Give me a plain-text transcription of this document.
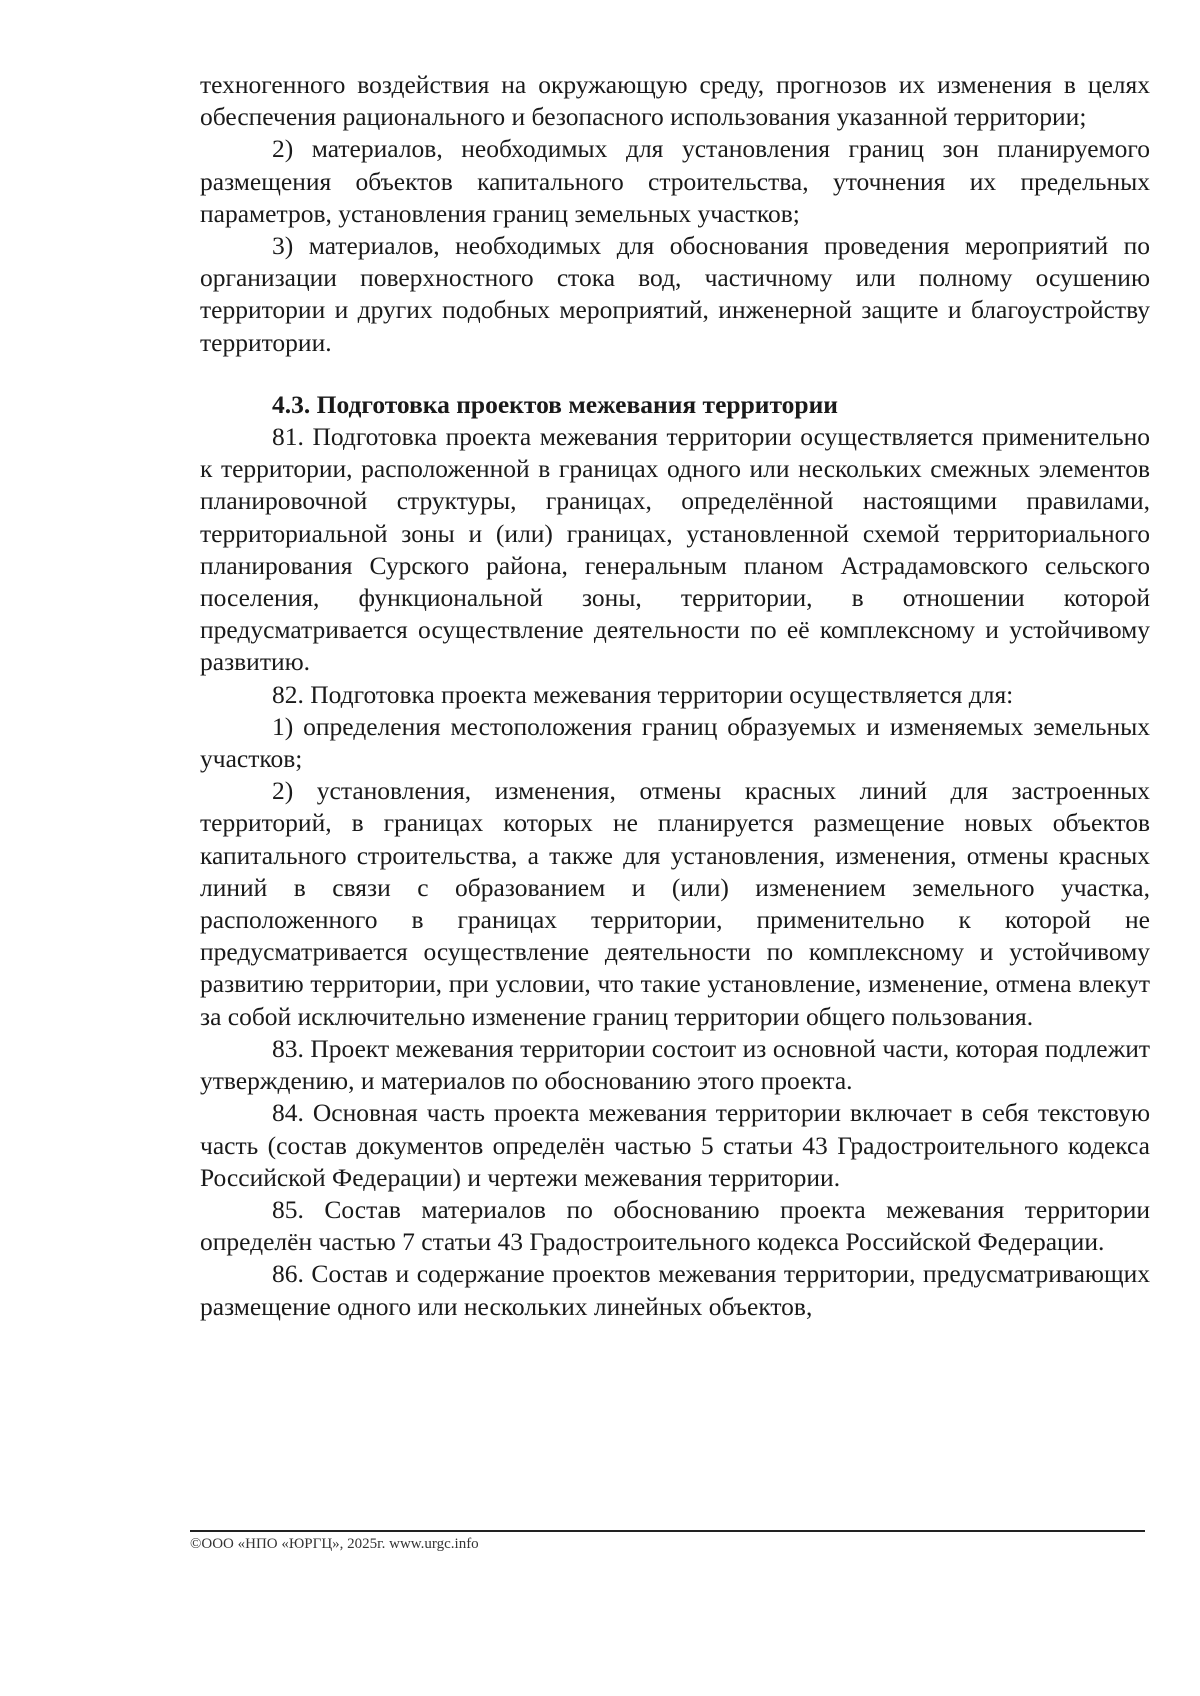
техногенного воздействия на окружающую среду, прогнозов их изменения в целях обеспечения рационального и безопасного использования указанной территории;

2) материалов, необходимых для установления границ зон планируемого размещения объектов капитального строительства, уточнения их предельных параметров, установления границ земельных участков;

3) материалов, необходимых для обоснования проведения мероприятий по организации поверхностного стока вод, частичному или полному осушению территории и других подобных мероприятий, инженерной защите и благоустройству территории.

4.3. Подготовка проектов межевания территории

81. Подготовка проекта межевания территории осуществляется применительно к территории, расположенной в границах одного или нескольких смежных элементов планировочной структуры, границах, определённой настоящими правилами, территориальной зоны и (или) границах, установленной схемой территориального планирования Сурского района, генеральным планом Астрадамовского сельского поселения, функциональной зоны, территории, в отношении которой предусматривается осуществление деятельности по её комплексному и устойчивому развитию.

82. Подготовка проекта межевания территории осуществляется для:

1) определения местоположения границ образуемых и изменяемых земельных участков;

2) установления, изменения, отмены красных линий для застроенных территорий, в границах которых не планируется размещение новых объектов капитального строительства, а также для установления, изменения, отмены красных линий в связи с образованием и (или) изменением земельного участка, расположенного в границах территории, применительно к которой не предусматривается осуществление деятельности по комплексному и устойчивому развитию территории, при условии, что такие установление, изменение, отмена влекут за собой исключительно изменение границ территории общего пользования.

83. Проект межевания территории состоит из основной части, которая подлежит утверждению, и материалов по обоснованию этого проекта.

84. Основная часть проекта межевания территории включает в себя текстовую часть (состав документов определён частью 5 статьи 43 Градостроительного кодекса Российской Федерации) и чертежи межевания территории.

85. Состав материалов по обоснованию проекта межевания территории определён частью 7 статьи 43 Градостроительного кодекса Российской Федерации.

86. Состав и содержание проектов межевания территории, предусматривающих размещение одного или нескольких линейных объектов,

©ООО «НПО «ЮРГЦ», 2025г. www.urgc.info
